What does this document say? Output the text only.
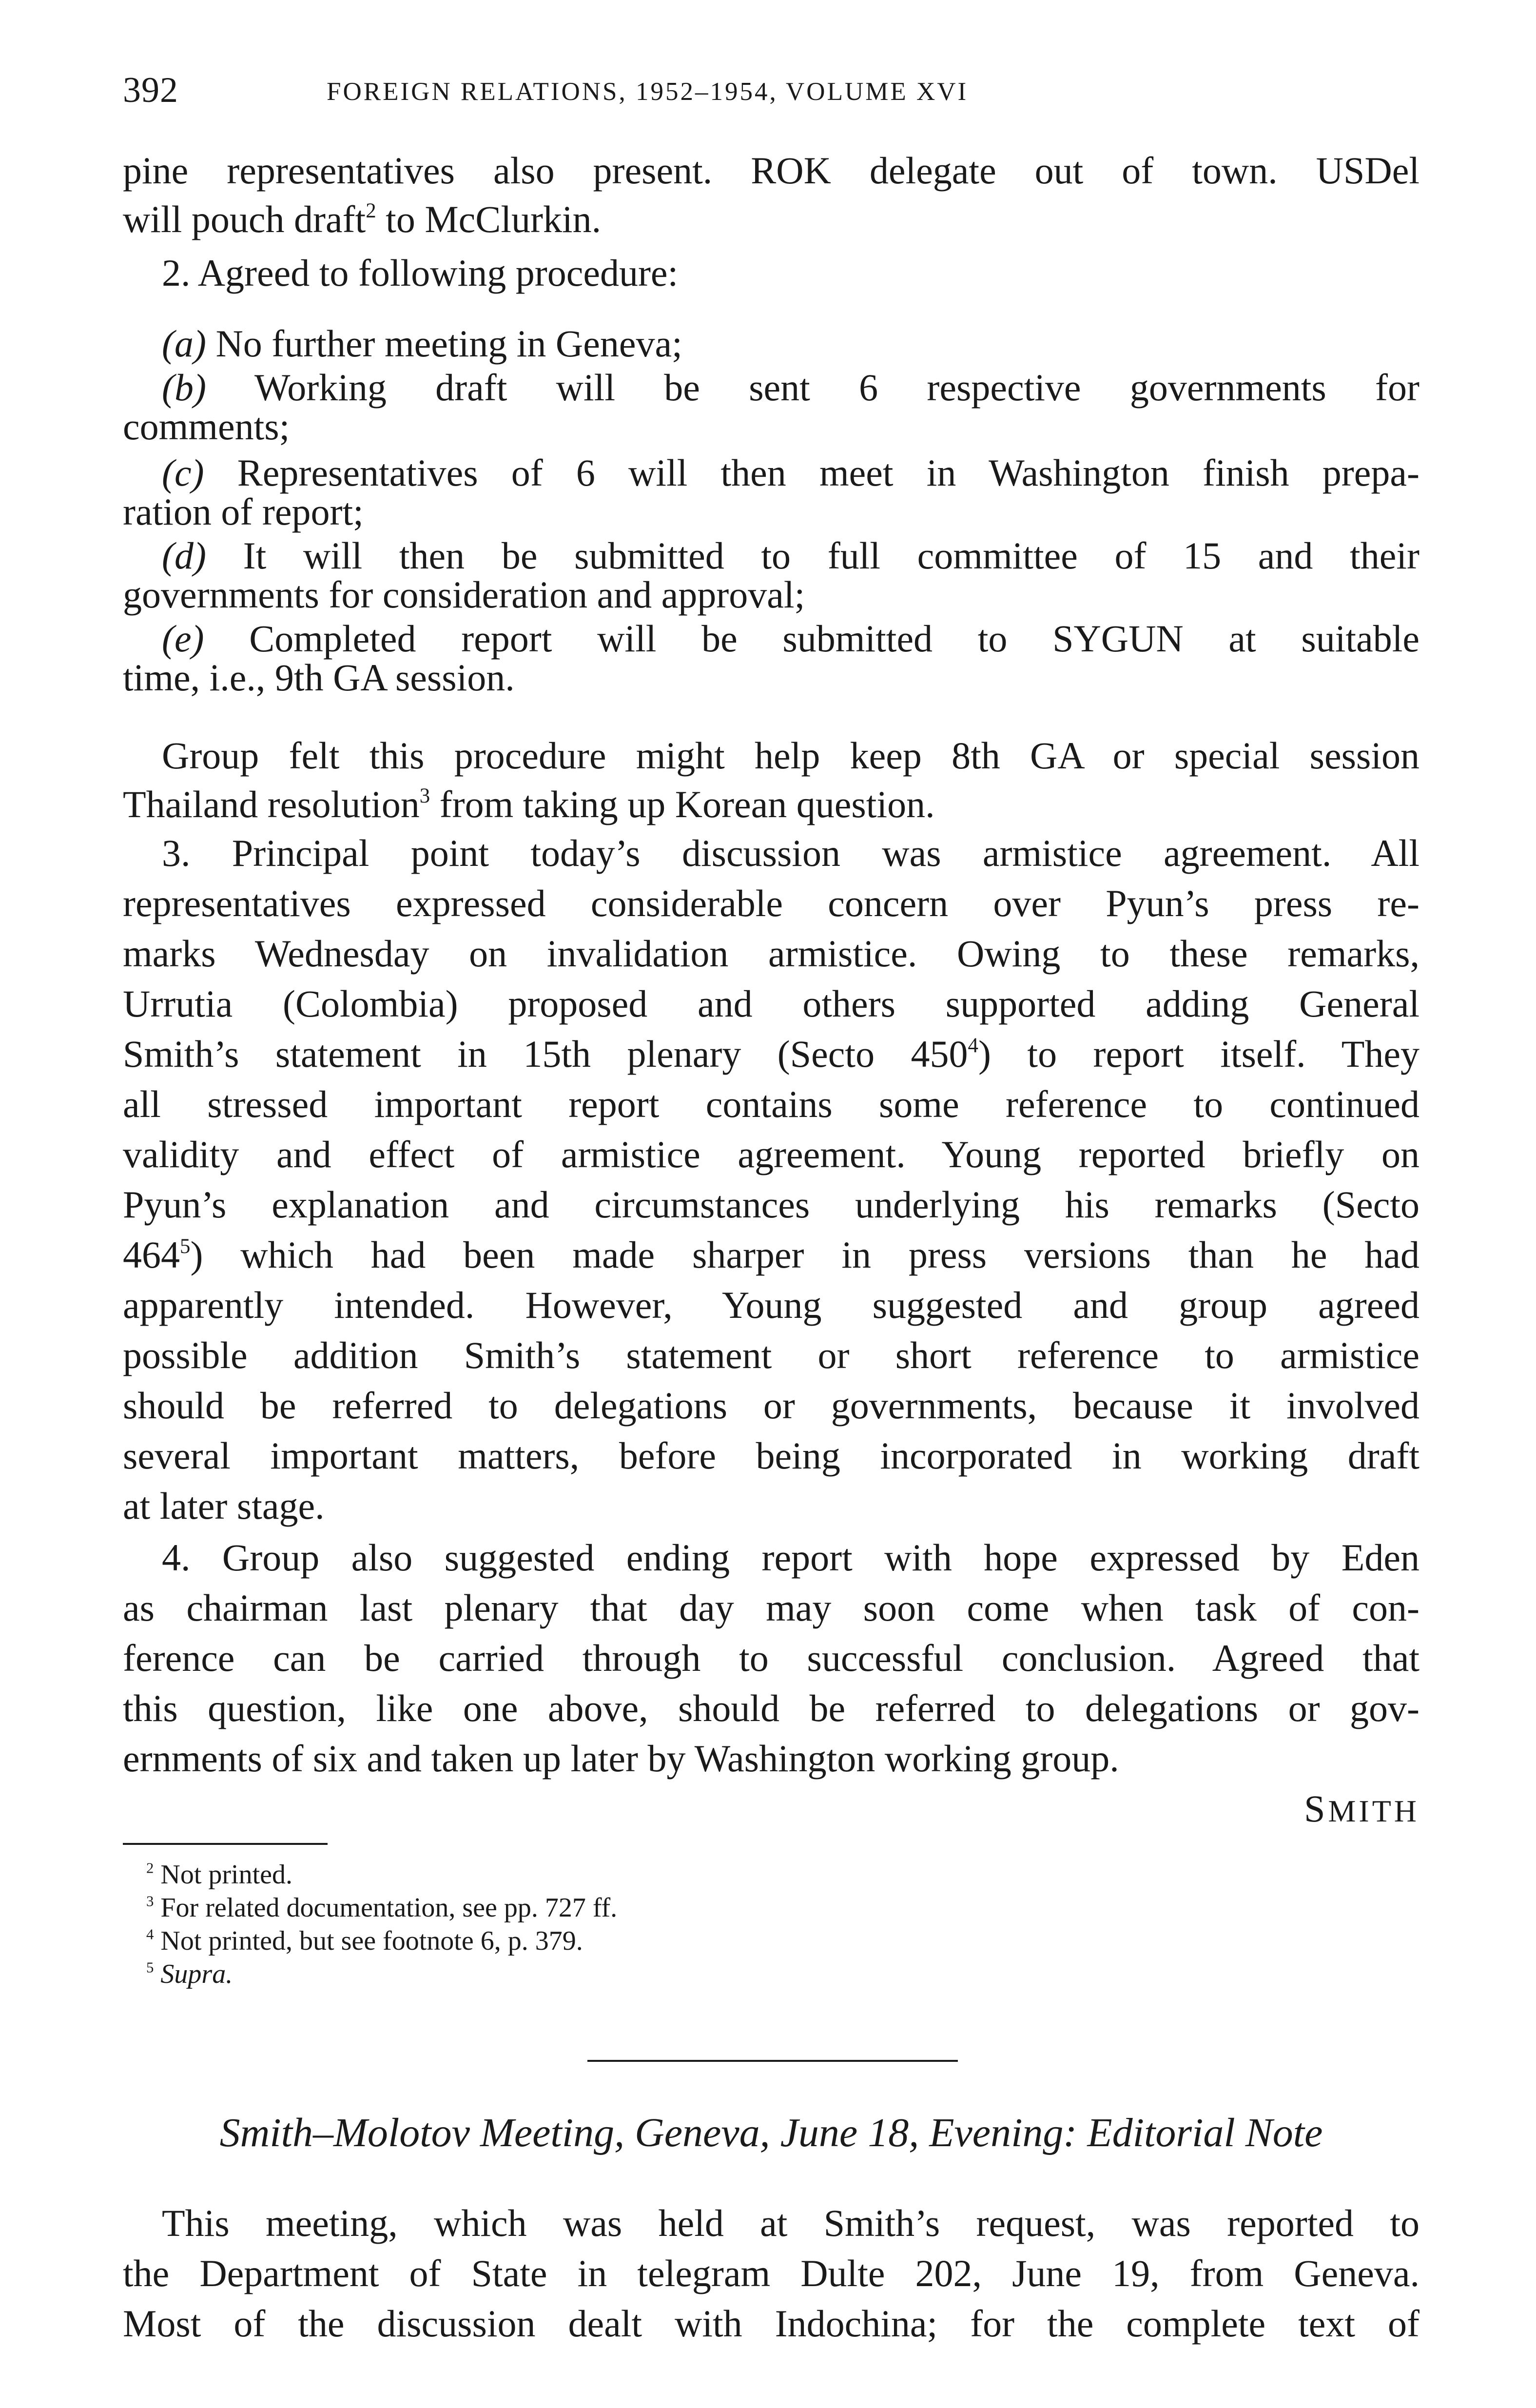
392	FOREIGN RELATIONS, 1952–1954, VOLUME XVI
pine representatives also present. ROK delegate out of town. USDel
will pouch draft$^2$ to McClurkin.
2. Agreed to following procedure:
(a) No further meeting in Geneva;
(b) Working draft will be sent 6 respective governments for
comments;
(c) Representatives of 6 will then meet in Washington finish prepa-
ration of report;
(d) It will then be submitted to full committee of 15 and their
governments for consideration and approval;
(e) Completed report will be submitted to SYGUN at suitable
time, i.e., 9th GA session.
Group felt this procedure might help keep 8th GA or special session
Thailand resolution$^3$ from taking up Korean question.
3. Principal point today’s discussion was armistice agreement. All
representatives expressed considerable concern over Pyun’s press re-
marks Wednesday on invalidation armistice. Owing to these remarks,
Urrutia (Colombia) proposed and others supported adding General
Smith’s statement in 15th plenary (Secto $450^4$) to report itself. They
all stressed important report contains some reference to continued
validity and effect of armistice agreement. Young reported briefly on
Pyun’s explanation and circumstances underlying his remarks (Secto
$464^5$) which had been made sharper in press versions than he had
apparently intended. However, Young suggested and group agreed
possible addition Smith’s statement or short reference to armistice
should be referred to delegations or governments, because it involved
several important matters, before being incorporated in working draft
at later stage.
4. Group also suggested ending report with hope expressed by Eden
as chairman last plenary that day may soon come when task of con-
ference can be carried through to successful conclusion. Agreed that
this question, like one above, should be referred to delegations or gov-
ernments of six and taken up later by Washington working group.
SMITH
$^2$ Not printed.
$^3$ For related documentation, see pp. 727 ff.
$^4$ Not printed, but see footnote 6, p. 379.
$^5$ Supra.
Smith–Molotov Meeting, Geneva, June 18, Evening: Editorial Note
This meeting, which was held at Smith’s request, was reported to
the Department of State in telegram Dulte 202, June 19, from Geneva.
Most of the discussion dealt with Indochina; for the complete text of
